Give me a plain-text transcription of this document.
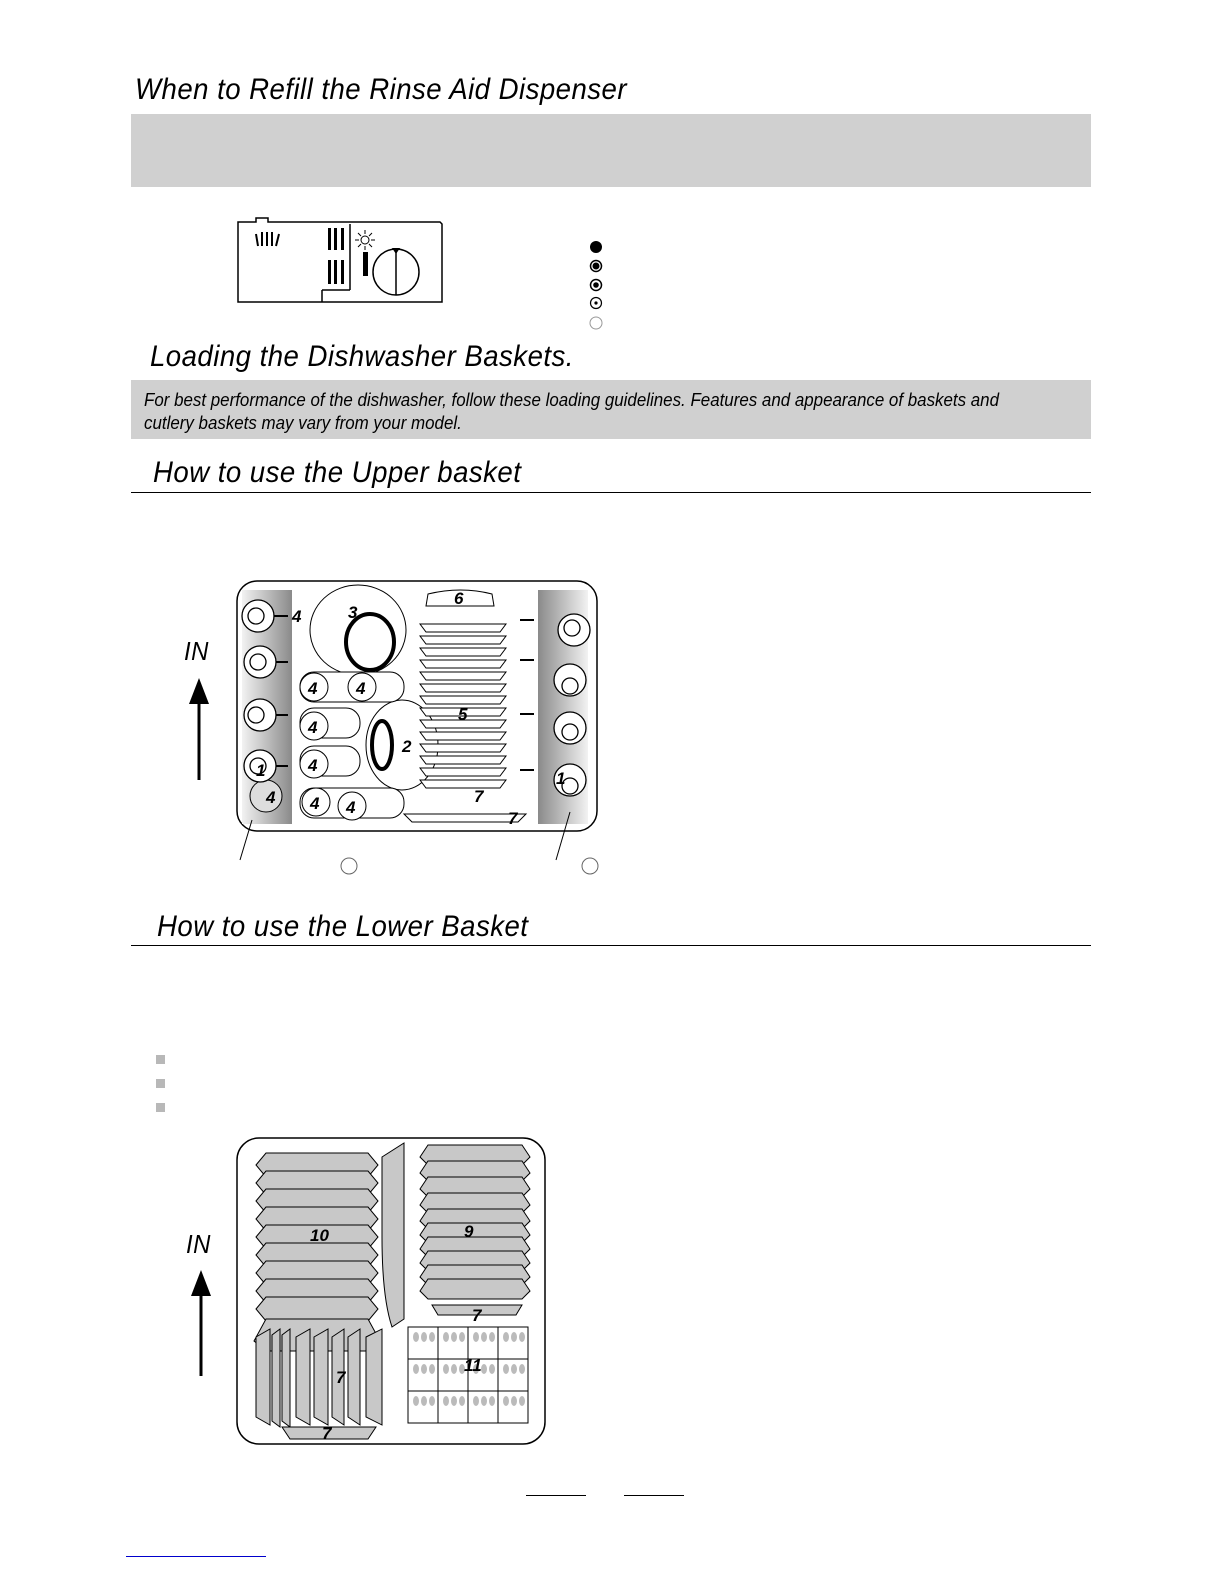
When to Refill the Rinse Aid Dispenser
Loading the Dishwasher Baskets.
For best performance of the dishwasher, follow these loading guidelines. Features and appearance of baskets and cutlery baskets may vary from your model.
How to use the Upper basket
IN
1	1
2
3
4
4 4
4
4
4 4
4
5
6
7
7
How to use the Lower Basket
IN	10	9
7
11
7
7
